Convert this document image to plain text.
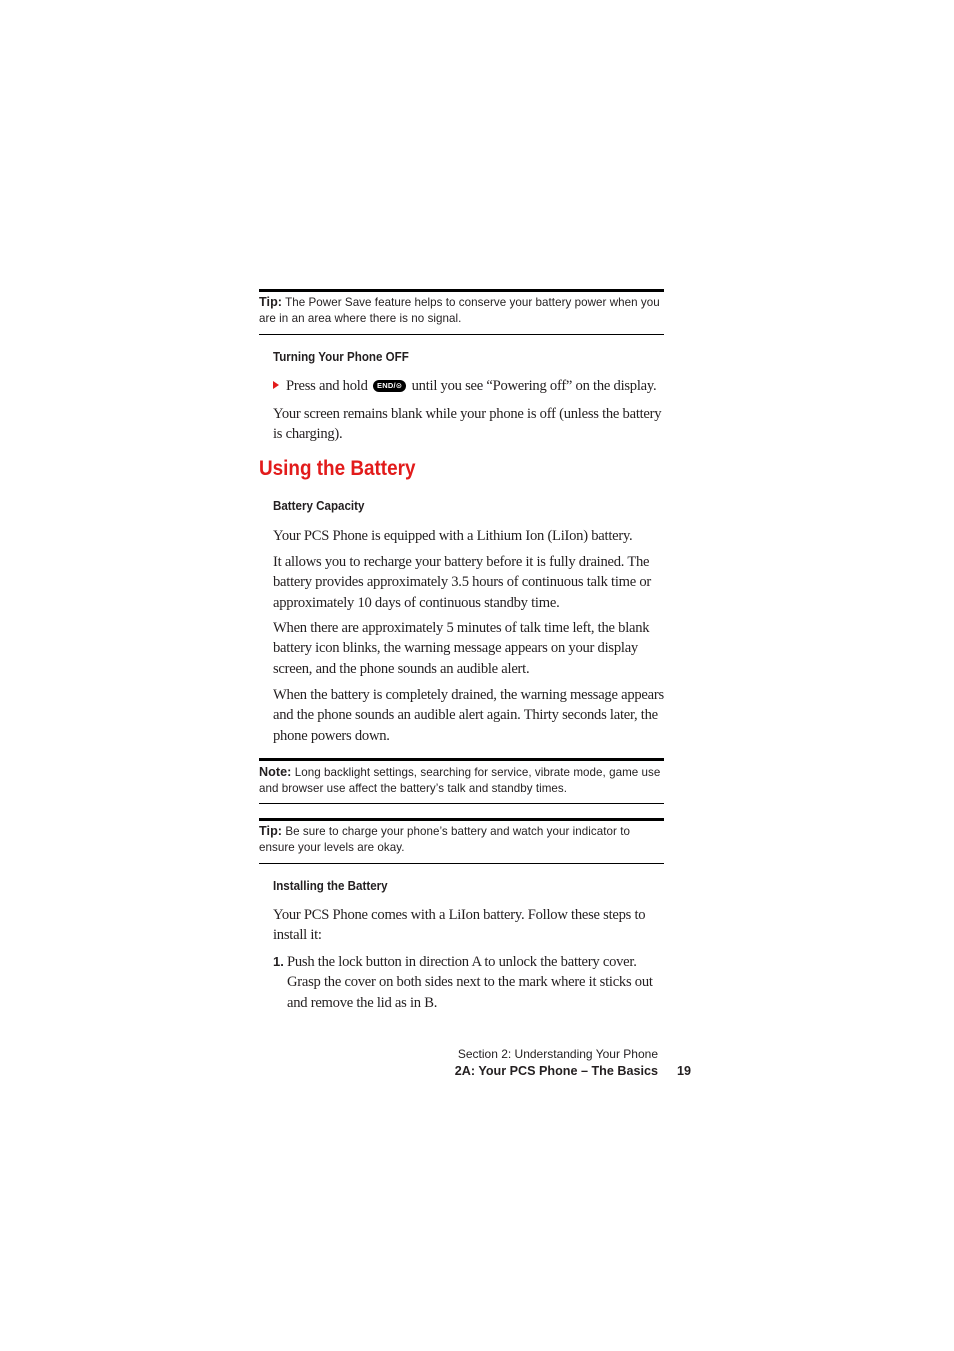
Tip: The Power Save feature helps to conserve your battery power when you are in an area where there is no signal.
Turning Your Phone OFF
Press and hold END/⊙ until you see “Powering off” on the display.
Your screen remains blank while your phone is off (unless the battery is charging).
Using the Battery
Battery Capacity
Your PCS Phone is equipped with a Lithium Ion (LiIon) battery.
It allows you to recharge your battery before it is fully drained. The battery provides approximately 3.5 hours of continuous talk time or approximately 10 days of continuous standby time.
When there are approximately 5 minutes of talk time left, the blank battery icon blinks, the warning message appears on your display screen, and the phone sounds an audible alert.
When the battery is completely drained, the warning message appears and the phone sounds an audible alert again. Thirty seconds later, the phone powers down.
Note: Long backlight settings, searching for service, vibrate mode, game use and browser use affect the battery’s talk and standby times.
Tip: Be sure to charge your phone’s battery and watch your indicator to ensure your levels are okay.
Installing the Battery
Your PCS Phone comes with a LiIon battery. Follow these steps to install it:
1. Push the lock button in direction A to unlock the battery cover. Grasp the cover on both sides next to the mark where it sticks out and remove the lid as in B.
Section 2: Understanding Your Phone
2A: Your PCS Phone – The Basics 19
